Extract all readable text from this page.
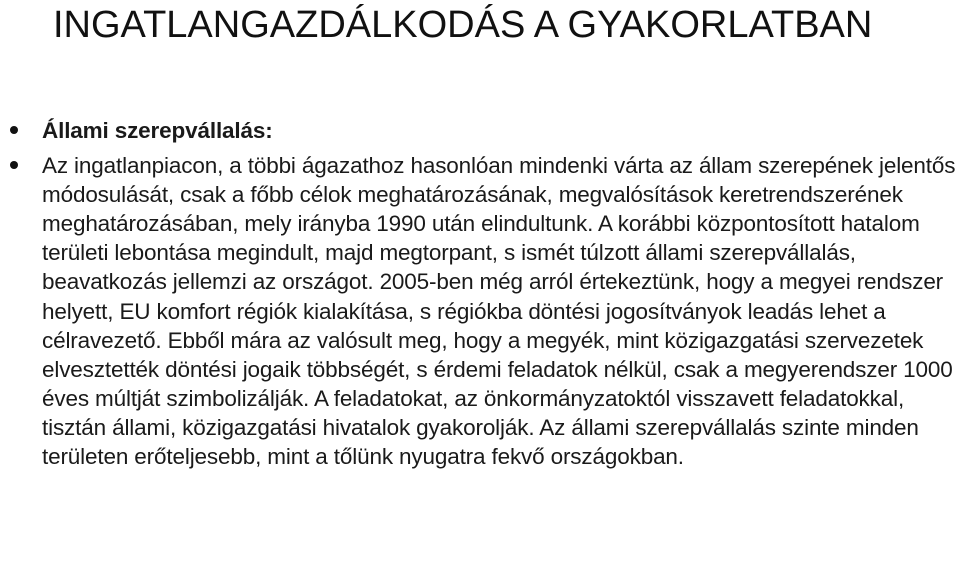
INGATLANGAZDÁLKODÁS A GYAKORLATBAN
Állami szerepvállalás:
Az ingatlanpiacon, a többi ágazathoz hasonlóan mindenki várta az állam szerepének jelentős módosulását, csak a főbb célok meghatározásának, megvalósítások keretrendszerének meghatározásában, mely irányba 1990 után elindultunk. A korábbi központosított hatalom területi lebontása megindult, majd megtorpant, s ismét túlzott állami szerepvállalás, beavatkozás jellemzi az országot. 2005-ben még arról értekeztünk, hogy a megyei rendszer helyett, EU komfort régiók kialakítása, s régiókba döntési jogosítványok leadás lehet a célravezető. Ebből mára az valósult meg, hogy a megyék, mint közigazgatási szervezetek elvesztették döntési jogaik többségét, s érdemi feladatok nélkül, csak a megyerendszer 1000 éves múltját szimbolizálják. A feladatokat, az önkormányzatoktól visszavett feladatokkal, tisztán állami, közigazgatási hivatalok gyakorolják. Az állami szerepvállalás szinte minden területen erőteljesebb, mint a tőlünk nyugatra fekvő országokban.
